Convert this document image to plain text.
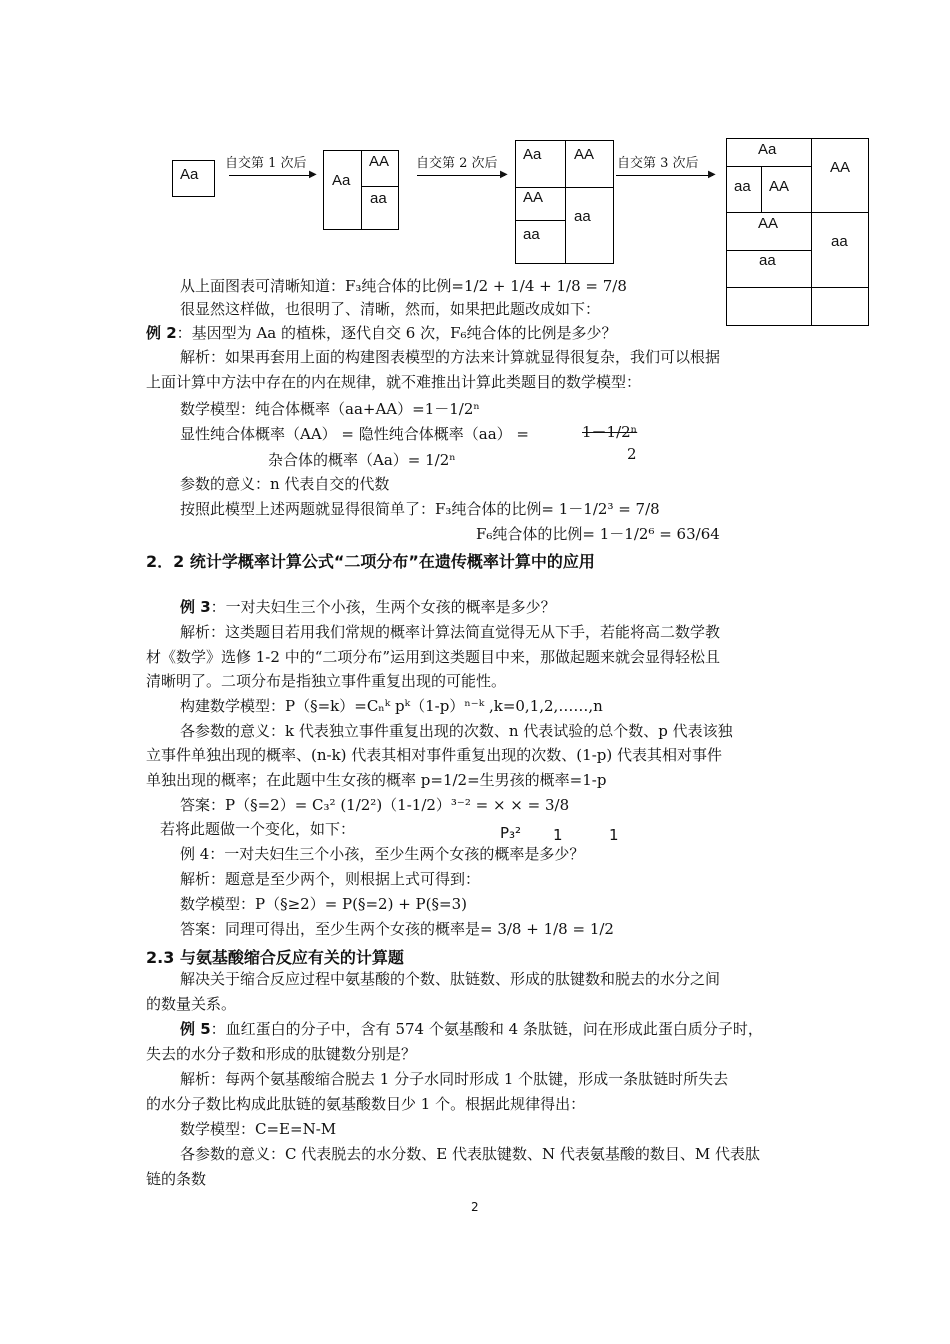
Aa	▶
自交第 1 次后
Aa
AA
aa
▶
自交第 2 次后
Aa AA
AA
aa
aa
▶
自交第 3 次后
Aa
aa AA
AA
aa
AA
aa
从上面图表可清晰知道：F₃纯合体的比例=1/2 + 1/4 + 1/8 = 7/8
很显然这样做，也很明了、清晰，然而，如果把此题改成如下：
例 2：基因型为 Aa 的植株，逐代自交 6 次，F₆纯合体的比例是多少？
解析：如果再套用上面的构建图表模型的方法来计算就显得很复杂，我们可以根据
上面计算中方法中存在的内在规律，就不难推出计算此类题目的数学模型：
数学模型：纯合体概率（aa+AA）=1－1/2ⁿ
显性纯合体概率（AA） = 隐性纯合体概率（aa） =	1－1/2ⁿ
2
杂合体的概率（Aa）= 1/2ⁿ
参数的意义：n 代表自交的代数
按照此模型上述两题就显得很简单了：F₃纯合体的比例= 1－1/2³ = 7/8
F₆纯合体的比例= 1－1/2⁶ = 63/64
2．2 统计学概率计算公式“二项分布”在遗传概率计算中的应用
例 3：一对夫妇生三个小孩，生两个女孩的概率是多少？
解析：这类题目若用我们常规的概率计算法简直觉得无从下手，若能将高二数学教
材《数学》选修 1-2 中的“二项分布”运用到这类题目中来，那做起题来就会显得轻松且
清晰明了。二项分布是指独立事件重复出现的可能性。
构建数学模型：P（§=k）=Cₙᵏ pᵏ（1-p）ⁿ⁻ᵏ ,k=0,1,2,……,n
各参数的意义：k 代表独立事件重复出现的次数、n 代表试验的总个数、p 代表该独
立事件单独出现的概率、(n-k) 代表其相对事件重复出现的次数、(1-p) 代表其相对事件
单独出现的概率；在此题中生女孩的概率 p=1/2=生男孩的概率=1-p
答案：P（§=2）= C₃² (1/2²)（1-1/2）³⁻² = × × = 3/8
若将此题做一个变化，如下：	P₃² 1	1
例 4：一对夫妇生三个小孩，至少生两个女孩的概率是多少？
解析：题意是至少两个，则根据上式可得到：
数学模型：P（§≥2）= P(§=2) + P(§=3)
答案：同理可得出，至少生两个女孩的概率是= 3/8 + 1/8 = 1/2
2.3 与氨基酸缩合反应有关的计算题
解决关于缩合反应过程中氨基酸的个数、肽链数、形成的肽键数和脱去的水分之间
的数量关系。
例 5：血红蛋白的分子中，含有 574 个氨基酸和 4 条肽链，问在形成此蛋白质分子时，
失去的水分子数和形成的肽键数分别是？
解析：每两个氨基酸缩合脱去 1 分子水同时形成 1 个肽键，形成一条肽链时所失去
的水分子数比构成此肽链的氨基酸数目少 1 个。根据此规律得出：
数学模型：C=E=N-M
各参数的意义：C 代表脱去的水分数、E 代表肽键数、N 代表氨基酸的数目、M 代表肽
链的条数
2
